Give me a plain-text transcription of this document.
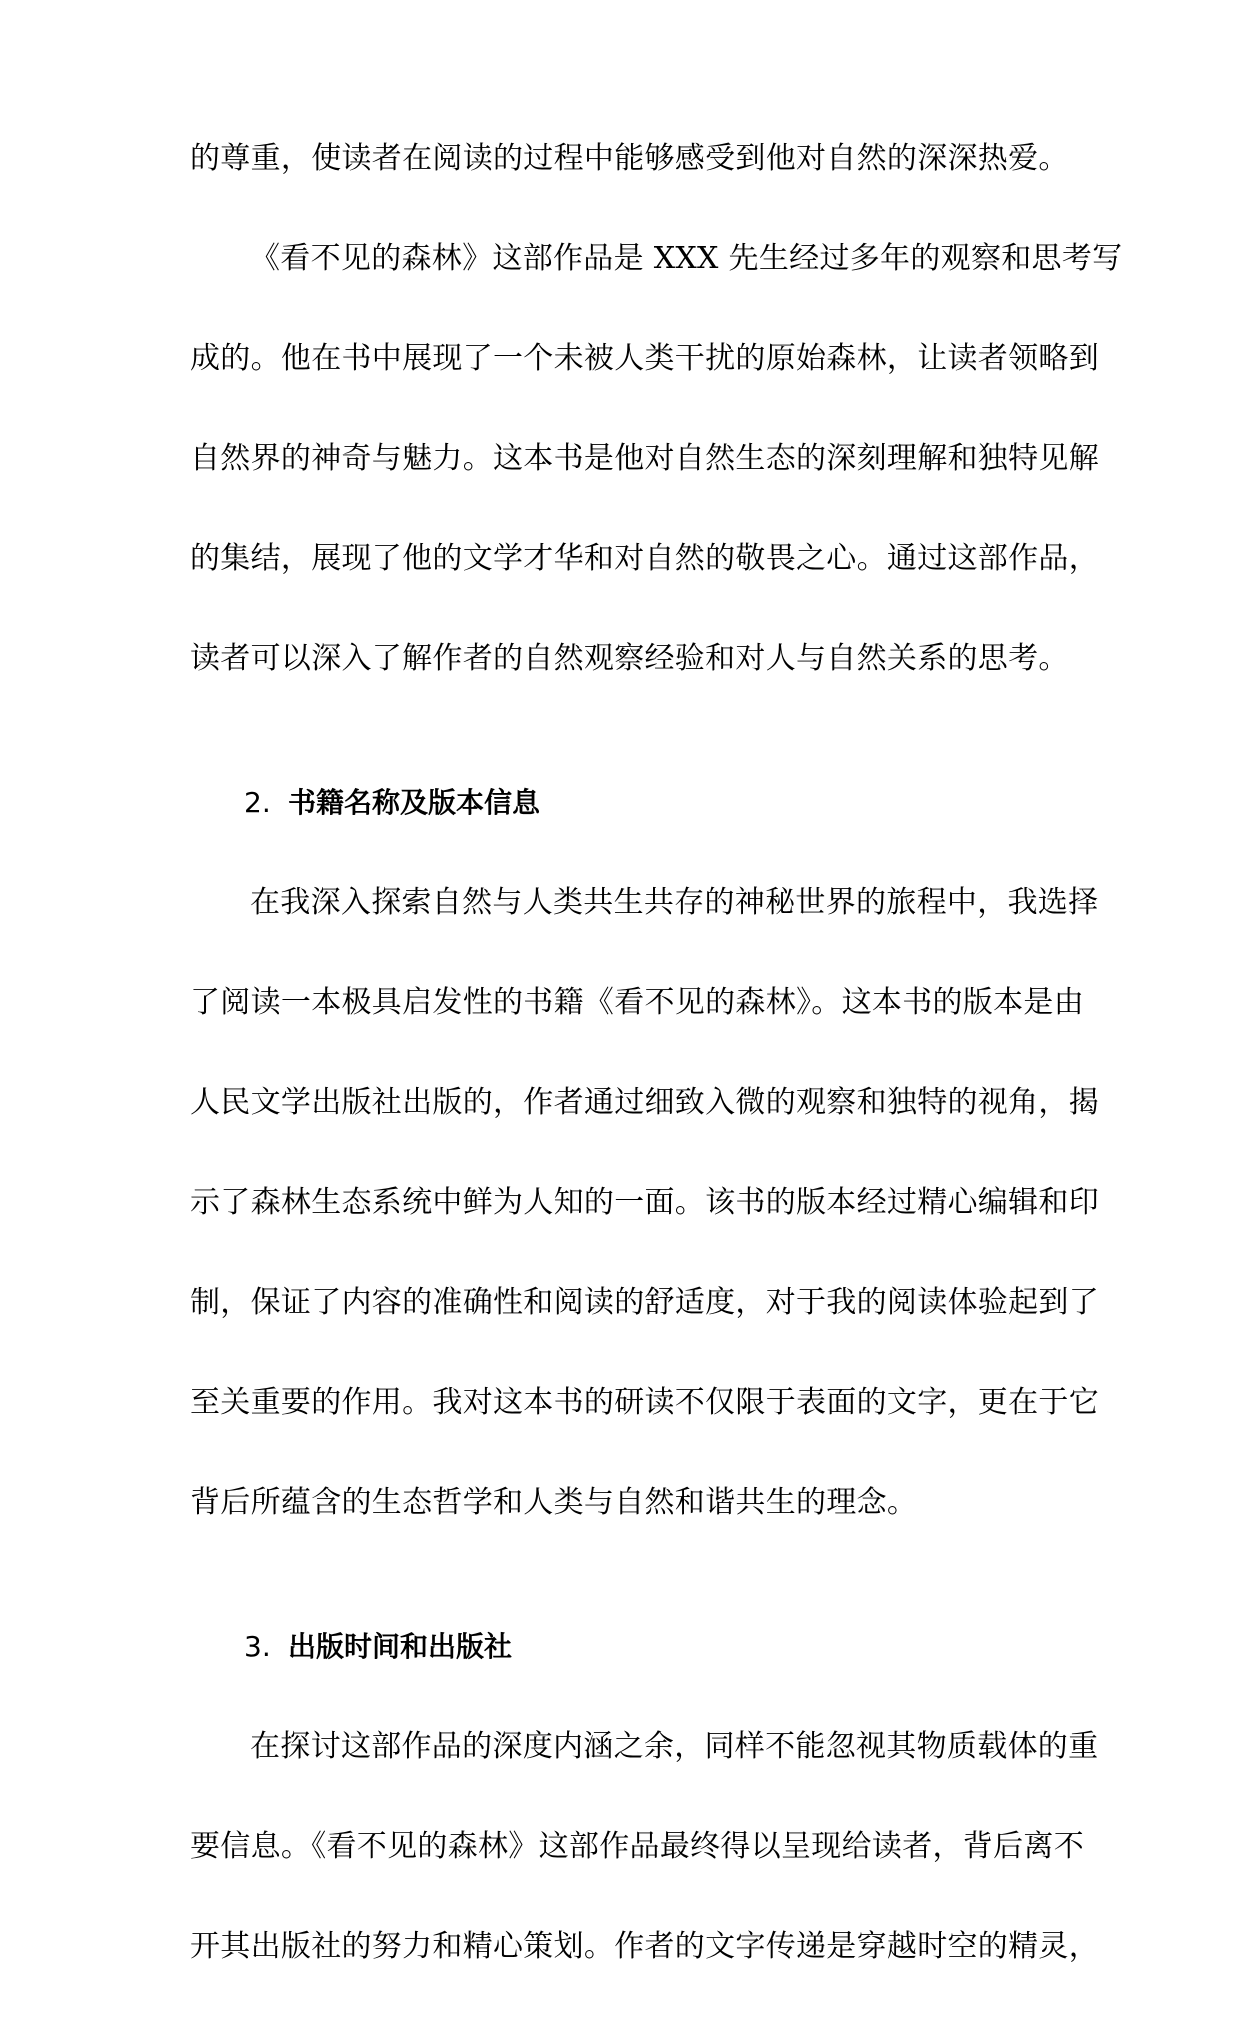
的尊重，使读者在阅读的过程中能够感受到他对自然的深深热爱。
《看不见的森林》这部作品是 XXX 先生经过多年的观察和思考写
成的。他在书中展现了一个未被人类干扰的原始森林，让读者领略到
自然界的神奇与魅力。这本书是他对自然生态的深刻理解和独特见解
的集结，展现了他的文学才华和对自然的敬畏之心。通过这部作品，
读者可以深入了解作者的自然观察经验和对人与自然关系的思考。
2. 书籍名称及版本信息
在我深入探索自然与人类共生共存的神秘世界的旅程中，我选择
了阅读一本极具启发性的书籍《看不见的森林》。这本书的版本是由
人民文学出版社出版的，作者通过细致入微的观察和独特的视角，揭
示了森林生态系统中鲜为人知的一面。该书的版本经过精心编辑和印
制，保证了内容的准确性和阅读的舒适度，对于我的阅读体验起到了
至关重要的作用。我对这本书的研读不仅限于表面的文字，更在于它
背后所蕴含的生态哲学和人类与自然和谐共生的理念。
3. 出版时间和出版社
在探讨这部作品的深度内涵之余，同样不能忽视其物质载体的重
要信息。《看不见的森林》这部作品最终得以呈现给读者，背后离不
开其出版社的努力和精心策划。作者的文字传递是穿越时空的精灵，
